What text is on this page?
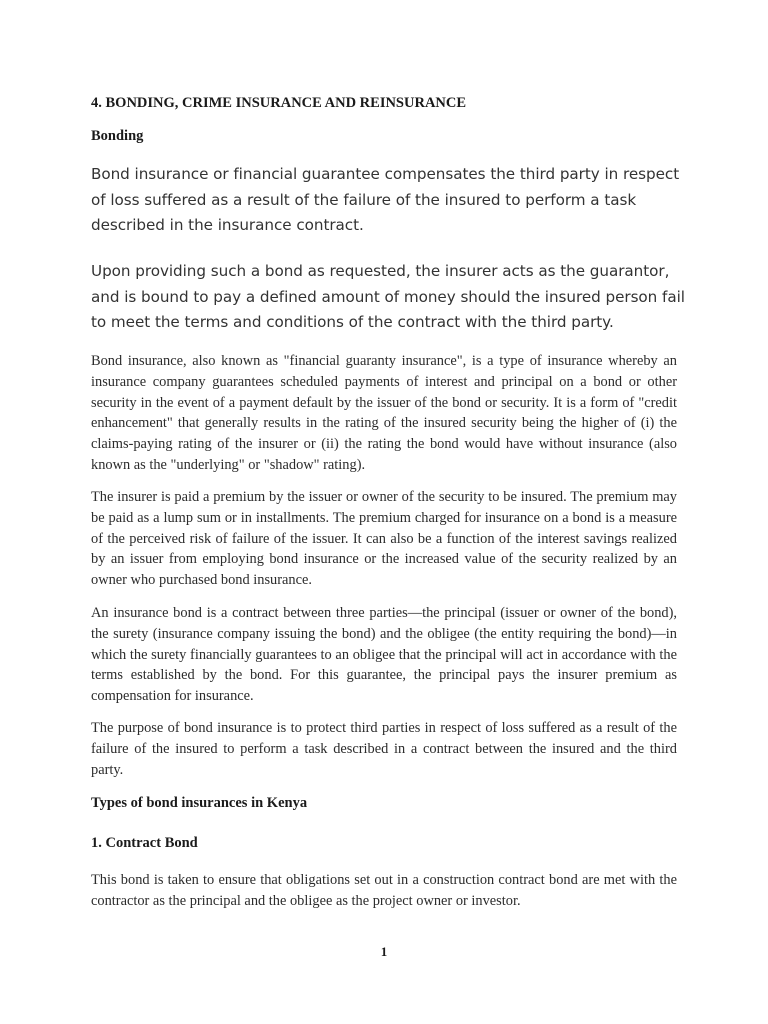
4. BONDING, CRIME INSURANCE AND REINSURANCE
Bonding
Bond insurance or financial guarantee compensates the third party in respect of loss suffered as a result of the failure of the insured to perform a task described in the insurance contract.
Upon providing such a bond as requested, the insurer acts as the guarantor, and is bound to pay a defined amount of money should the insured person fail to meet the terms and conditions of the contract with the third party.
Bond insurance, also known as "financial guaranty insurance", is a type of insurance whereby an insurance company guarantees scheduled payments of interest and principal on a bond or other security in the event of a payment default by the issuer of the bond or security. It is a form of "credit enhancement" that generally results in the rating of the insured security being the higher of (i) the claims-paying rating of the insurer or (ii) the rating the bond would have without insurance (also known as the "underlying" or "shadow" rating).
The insurer is paid a premium by the issuer or owner of the security to be insured. The premium may be paid as a lump sum or in installments. The premium charged for insurance on a bond is a measure of the perceived risk of failure of the issuer. It can also be a function of the interest savings realized by an issuer from employing bond insurance or the increased value of the security realized by an owner who purchased bond insurance.
An insurance bond is a contract between three parties—the principal (issuer or owner of the bond), the surety (insurance company issuing the bond) and the obligee (the entity requiring the bond)—in which the surety financially guarantees to an obligee that the principal will act in accordance with the terms established by the bond. For this guarantee, the principal pays the insurer premium as compensation for insurance.
The purpose of bond insurance is to protect third parties in respect of loss suffered as a result of the failure of the insured to perform a task described in a contract between the insured and the third party.
Types of bond insurances in Kenya
1. Contract Bond
This bond is taken to ensure that obligations set out in a construction contract bond are met with the contractor as the principal and the obligee as the project owner or investor.
1
